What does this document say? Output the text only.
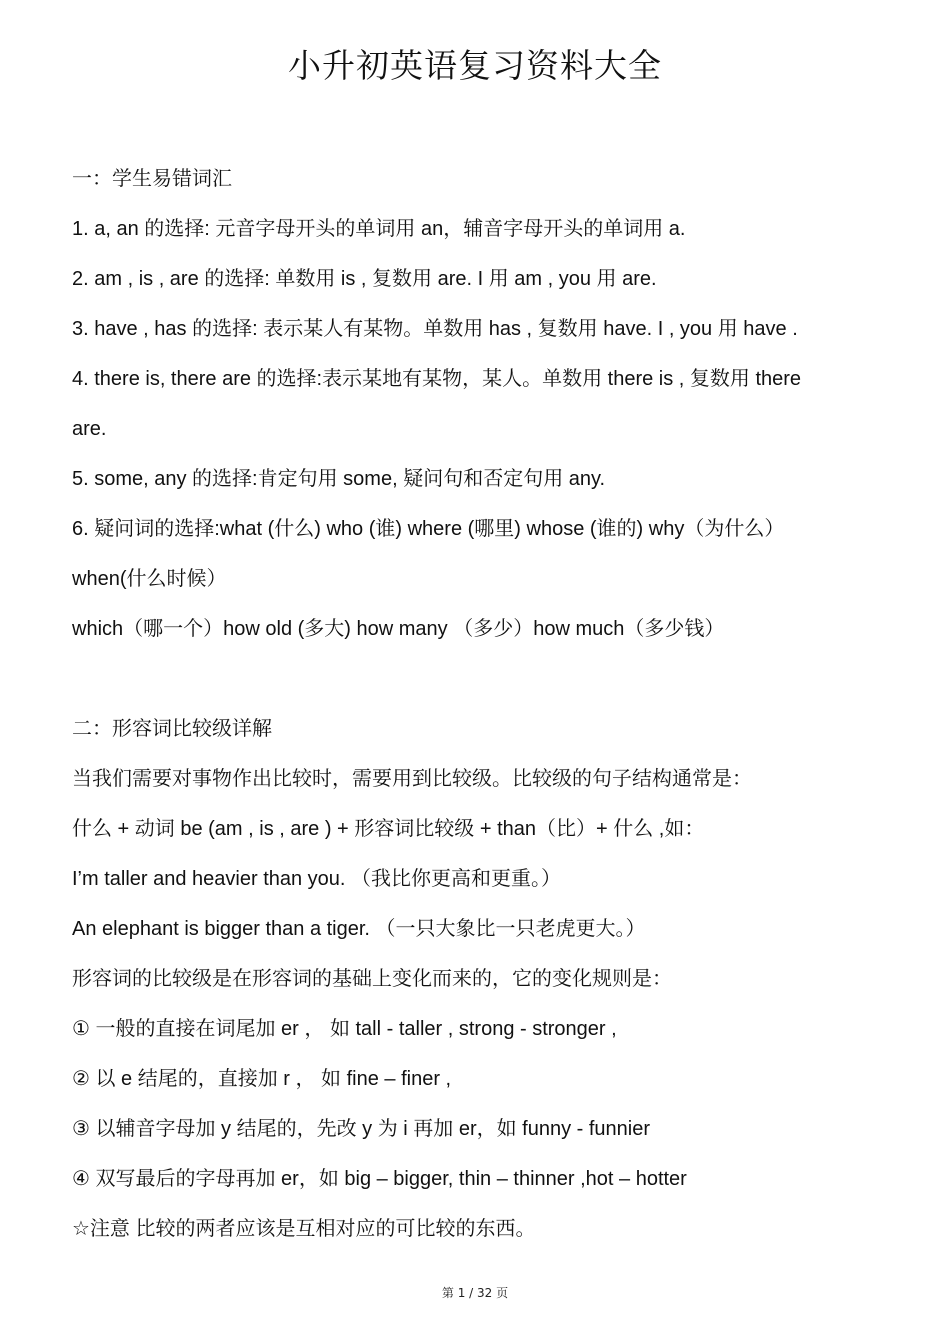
小升初英语复习资料大全
一：学生易错词汇
1. a, an 的选择: 元音字母开头的单词用 an，辅音字母开头的单词用 a.
2. am , is , are 的选择: 单数用 is , 复数用 are. I 用 am , you 用 are.
3. have , has 的选择: 表示某人有某物。单数用 has , 复数用 have. I , you 用 have .
4. there is, there are 的选择:表示某地有某物，某人。单数用 there is , 复数用 there
are.
5. some, any 的选择:肯定句用 some, 疑问句和否定句用 any.
6. 疑问词的选择:what (什么) who (谁) where (哪里) whose (谁的) why（为什么）
when(什么时候）
which（哪一个）how old (多大) how many （多少）how much（多少钱）
二：形容词比较级详解
当我们需要对事物作出比较时，需要用到比较级。比较级的句子结构通常是：
什么 + 动词 be (am , is , are ) + 形容词比较级 + than（比）+ 什么 ,如：
I’m taller and heavier than you. （我比你更高和更重。）
An elephant is bigger than a tiger. （一只大象比一只老虎更大。）
形容词的比较级是在形容词的基础上变化而来的，它的变化规则是：
① 一般的直接在词尾加 er ， 如 tall - taller , strong - stronger ,
② 以 e 结尾的，直接加 r ， 如 fine – finer ,
③ 以辅音字母加 y 结尾的，先改 y 为 i 再加 er，如 funny - funnier
④ 双写最后的字母再加 er，如 big – bigger, thin – thinner ,hot – hotter
☆注意 比较的两者应该是互相对应的可比较的东西。
第 1 / 32 页
